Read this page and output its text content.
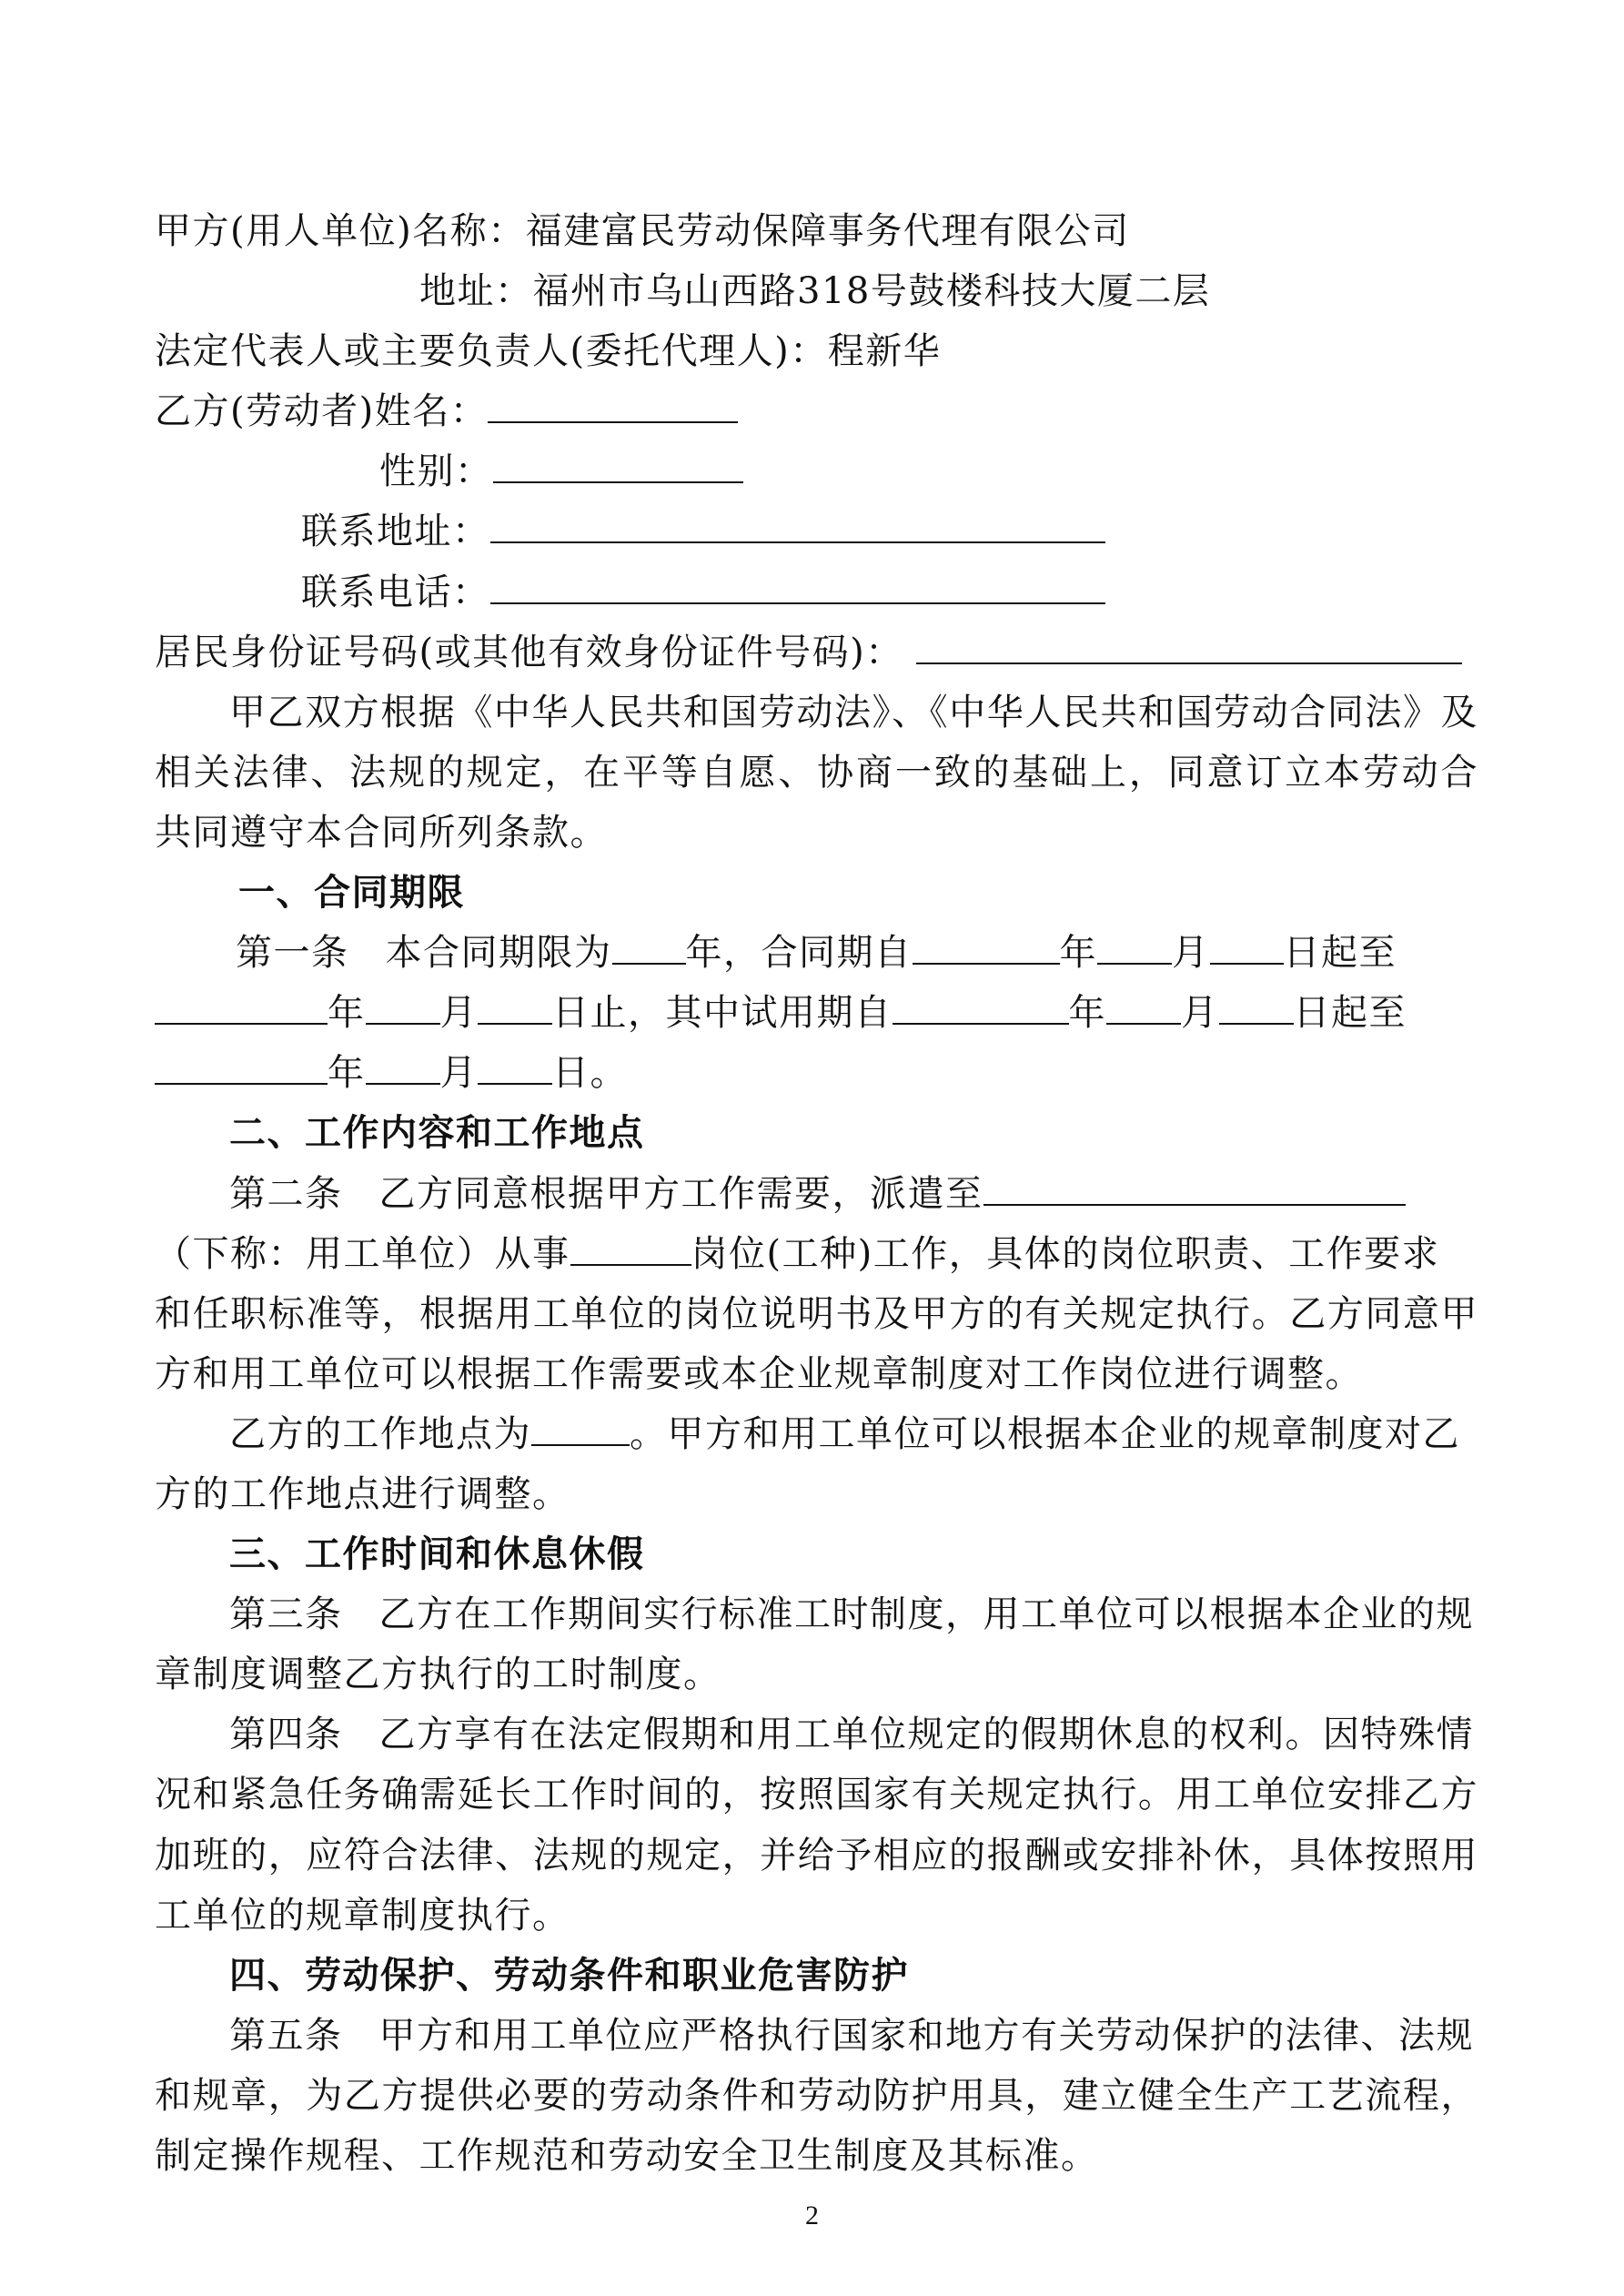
甲方(用人单位)名称：福建富民劳动保障事务代理有限公司
地址：福州市乌山西路318号鼓楼科技大厦二层
法定代表人或主要负责人(委托代理人)：程新华
乙方(劳动者)姓名：
性别：
联系地址：
联系电话：
居民身份证号码(或其他有效身份证件号码)：
甲乙双方根据《中华人民共和国劳动法》、《中华人民共和国劳动合同法》及
相关法律、法规的规定，在平等自愿、协商一致的基础上，同意订立本劳动合
共同遵守本合同所列条款。
一、合同期限
第一条 本合同期限为 年，合同期自	年 月 日起至
年 月 日止，其中试用期自	年 月 日起至
年 月 日。
二、工作内容和工作地点
第二条 乙方同意根据甲方工作需要，派遣至
（下称：用工单位）从事	岗位(工种)工作，具体的岗位职责、工作要求
和任职标准等，根据用工单位的岗位说明书及甲方的有关规定执行。乙方同意甲
方和用工单位可以根据工作需要或本企业规章制度对工作岗位进行调整。
乙方的工作地点为	。甲方和用工单位可以根据本企业的规章制度对乙
方的工作地点进行调整。
三、工作时间和休息休假
第三条 乙方在工作期间实行标准工时制度，用工单位可以根据本企业的规
章制度调整乙方执行的工时制度。
第四条 乙方享有在法定假期和用工单位规定的假期休息的权利。因特殊情
况和紧急任务确需延长工作时间的，按照国家有关规定执行。用工单位安排乙方
加班的，应符合法律、法规的规定，并给予相应的报酬或安排补休，具体按照用
工单位的规章制度执行。
四、劳动保护、劳动条件和职业危害防护
第五条 甲方和用工单位应严格执行国家和地方有关劳动保护的法律、法规
和规章，为乙方提供必要的劳动条件和劳动防护用具，建立健全生产工艺流程，
制定操作规程、工作规范和劳动安全卫生制度及其标准。
2
